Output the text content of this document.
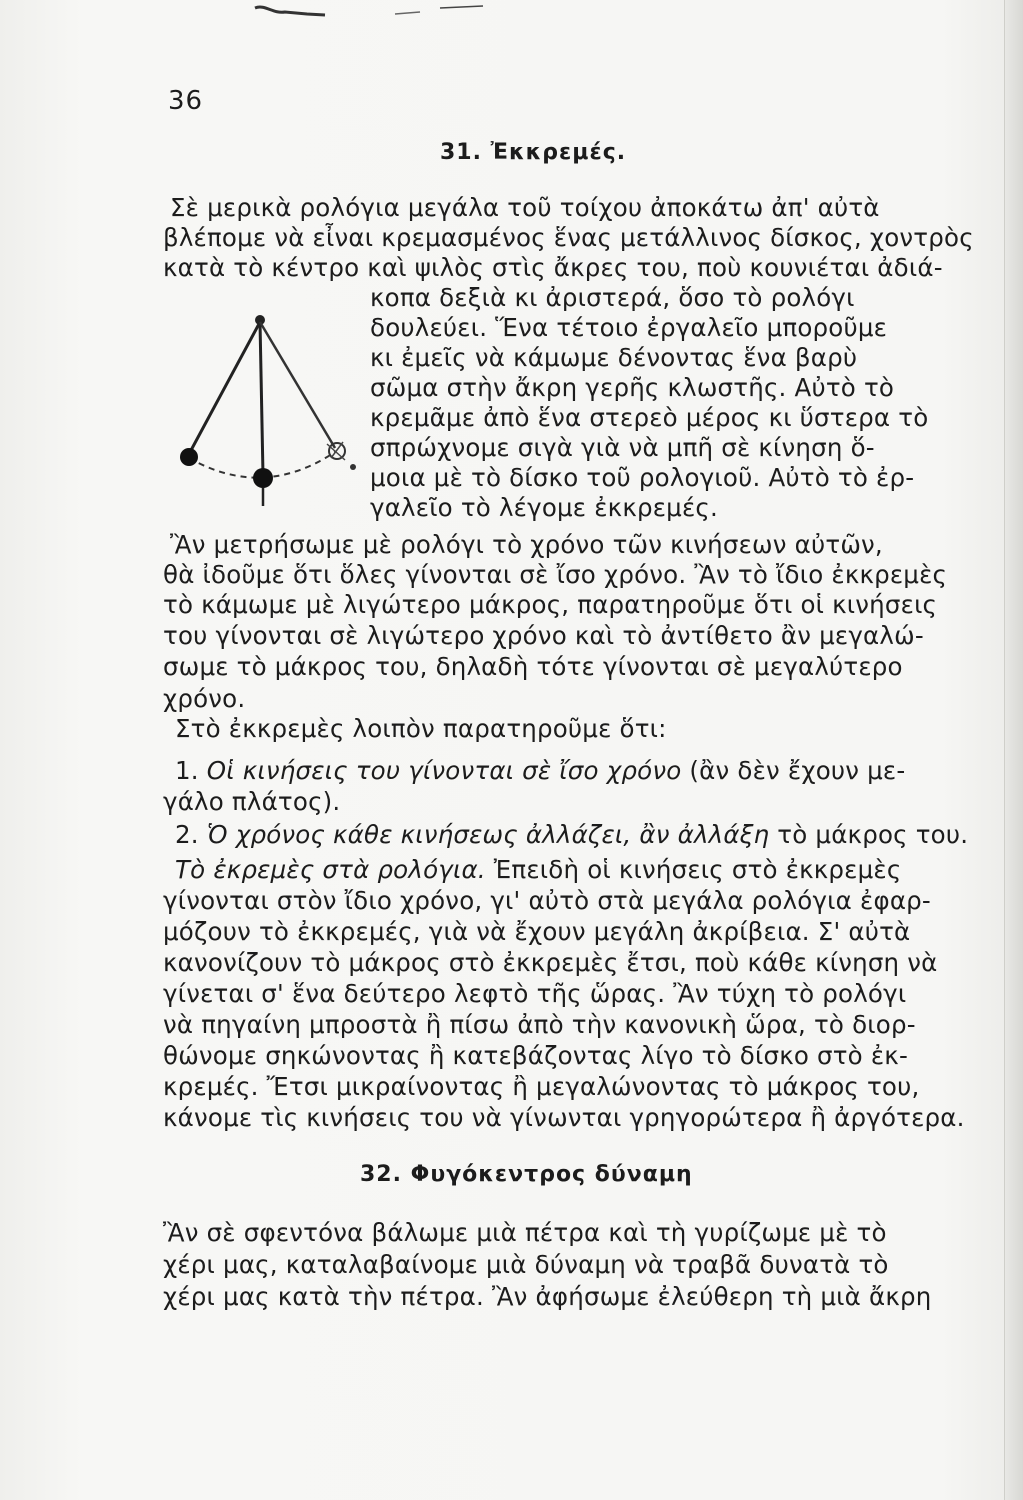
36
31. Ἐκκρεμές.
Σὲ μερικὰ ρολόγια μεγάλα τοῦ τοίχου ἀποκάτω ἀπ' αὐτὰ
βλέπομε νὰ εἶναι κρεμασμένος ἕνας μετάλλινος δίσκος, χοντρὸς
κατὰ τὸ κέντρο καὶ ψιλὸς στὶς ἄκρες του, ποὺ κουνιέται ἀδιά-
κοπα δεξιὰ κι ἀριστερά, ὅσο τὸ ρολόγι
δουλεύει. Ἕνα τέτοιο ἐργαλεῖο μποροῦμε
κι ἐμεῖς νὰ κάμωμε δένοντας ἕνα βαρὺ
σῶμα στὴν ἄκρη γερῆς κλωστῆς. Αὐτὸ τὸ
κρεμᾶμε ἀπὸ ἕνα στερεὸ μέρος κι ὕστερα τὸ
σπρώχνομε σιγὰ γιὰ νὰ μπῆ σὲ κίνηση ὅ-
μοια μὲ τὸ δίσκο τοῦ ρολογιοῦ. Αὐτὸ τὸ ἐρ-
γαλεῖο τὸ λέγομε ἐκκρεμές.
Ἂν μετρήσωμε μὲ ρολόγι τὸ χρόνο τῶν κινήσεων αὐτῶν,
θὰ ἰδοῦμε ὅτι ὅλες γίνονται σὲ ἴσο χρόνο. Ἂν τὸ ἴδιο ἐκκρεμὲς
τὸ κάμωμε μὲ λιγώτερο μάκρος, παρατηροῦμε ὅτι οἱ κινήσεις
του γίνονται σὲ λιγώτερο χρόνο καὶ τὸ ἀντίθετο ἂν μεγαλώ-
σωμε τὸ μάκρος του, δηλαδὴ τότε γίνονται σὲ μεγαλύτερο
χρόνο.
Στὸ ἐκκρεμὲς λοιπὸν παρατηροῦμε ὅτι:
1. Οἱ κινήσεις του γίνονται σὲ ἴσο χρόνο (ἂν δὲν ἔχουν με-
γάλο πλάτος).
2. Ὁ χρόνος κάθε κινήσεως ἀλλάζει, ἂν ἀλλάξη τὸ μάκρος του.
Τὸ ἐκρεμὲς στὰ ρολόγια. Ἐπειδὴ οἱ κινήσεις στὸ ἐκκρεμὲς
γίνονται στὸν ἴδιο χρόνο, γι' αὐτὸ στὰ μεγάλα ρολόγια ἐφαρ-
μόζουν τὸ ἐκκρεμές, γιὰ νὰ ἔχουν μεγάλη ἀκρίβεια. Σ' αὐτὰ
κανονίζουν τὸ μάκρος στὸ ἐκκρεμὲς ἔτσι, ποὺ κάθε κίνηση νὰ
γίνεται σ' ἕνα δεύτερο λεφτὸ τῆς ὥρας. Ἂν τύχη τὸ ρολόγι
νὰ πηγαίνη μπροστὰ ἢ πίσω ἀπὸ τὴν κανονικὴ ὥρα, τὸ διορ-
θώνομε σηκώνοντας ἢ κατεβάζοντας λίγο τὸ δίσκο στὸ ἐκ-
κρεμές. Ἔτσι μικραίνοντας ἢ μεγαλώνοντας τὸ μάκρος του,
κάνομε τὶς κινήσεις του νὰ γίνωνται γρηγορώτερα ἢ ἀργότερα.
32. Φυγόκεντρος δύναμη
Ἂν σὲ σφεντόνα βάλωμε μιὰ πέτρα καὶ τὴ γυρίζωμε μὲ τὸ
χέρι μας, καταλαβαίνομε μιὰ δύναμη νὰ τραβᾶ δυνατὰ τὸ
χέρι μας κατὰ τὴν πέτρα. Ἂν ἀφήσωμε ἐλεύθερη τὴ μιὰ ἄκρη
